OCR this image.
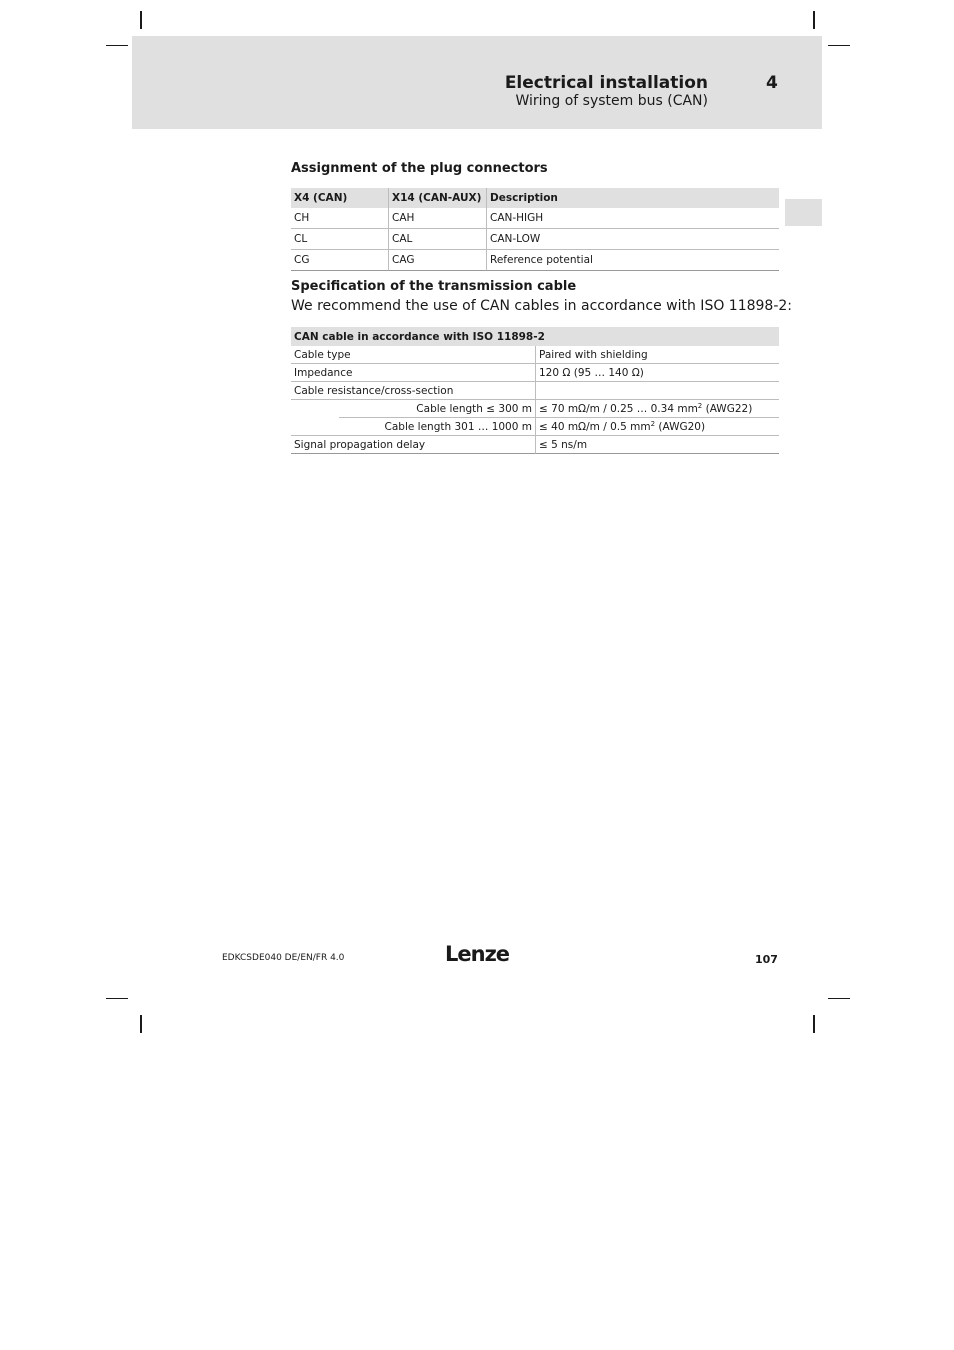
Electrical installation	4
Wiring of system bus (CAN)
Assignment of the plug connectors
X4 (CAN)	X14 (CAN-AUX)	Description
CH	CAH	CAN-HIGH
CL	CAL	CAN-LOW
CG	CAG	Reference potential
Specification of the transmission cable
We recommend the use of CAN cables in accordance with ISO 11898-2:
CAN cable in accordance with ISO 11898-2		
Cable type		Paired with shielding
Impedance		120 Ω (95 … 140 Ω)
Cable resistance/cross-section		
	Cable length ≤ 300 m	≤ 70 mΩ/m / 0.25 … 0.34 $mm^2$ (AWG22)
	Cable length 301 … 1000 m	≤ 40 mΩ/m / 0.5 $mm^2$ (AWG20)
Signal propagation delay		≤ 5 ns/m
EDKCSDE040 DE/EN/FR 4.0	Lenze	107
